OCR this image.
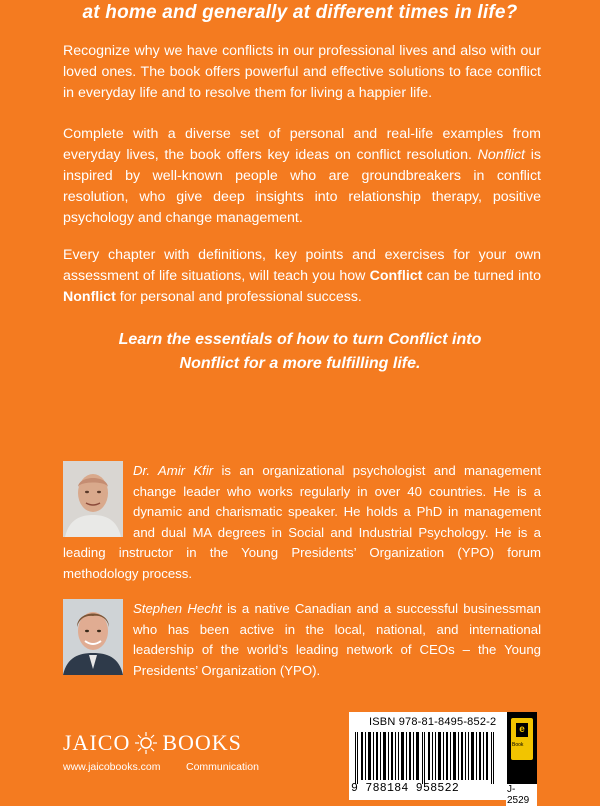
at home and generally at different times in life?

Recognize why we have conflicts in our professional lives and also with our loved ones. The book offers powerful and effective solutions to face conflict in everyday life and to resolve them for living a happier life.

Complete with a diverse set of personal and real-life examples from everyday lives, the book offers key ideas on conflict resolution. Nonflict is inspired by well-known people who are groundbreakers in conflict resolution, who give deep insights into relationship therapy, positive psychology and change management.

Every chapter with definitions, key points and exercises for your own assessment of life situations, will teach you how Conflict can be turned into Nonflict for personal and professional success.

Learn the essentials of how to turn Conflict into
Nonflict for a more fulfilling life.

Dr. Amir Kfir is an organizational psychologist and management change leader who works regularly in over 40 countries. He is a dynamic and charismatic speaker. He holds a PhD in management and dual MA degrees in Social and Industrial Psychology. He is a leading instructor in the Young Presidents’ Organization (YPO) forum methodology process.

Stephen Hecht is a native Canadian and a successful businessman who has been active in the local, national, and international leadership of the world’s leading network of CEOs – the Young Presidents’ Organization (YPO).

JAICO BOOKS
www.jaicobooks.com Communication
ISBN 978-81-8495-852-2
9 788184 958522
e
Book
J-2529
